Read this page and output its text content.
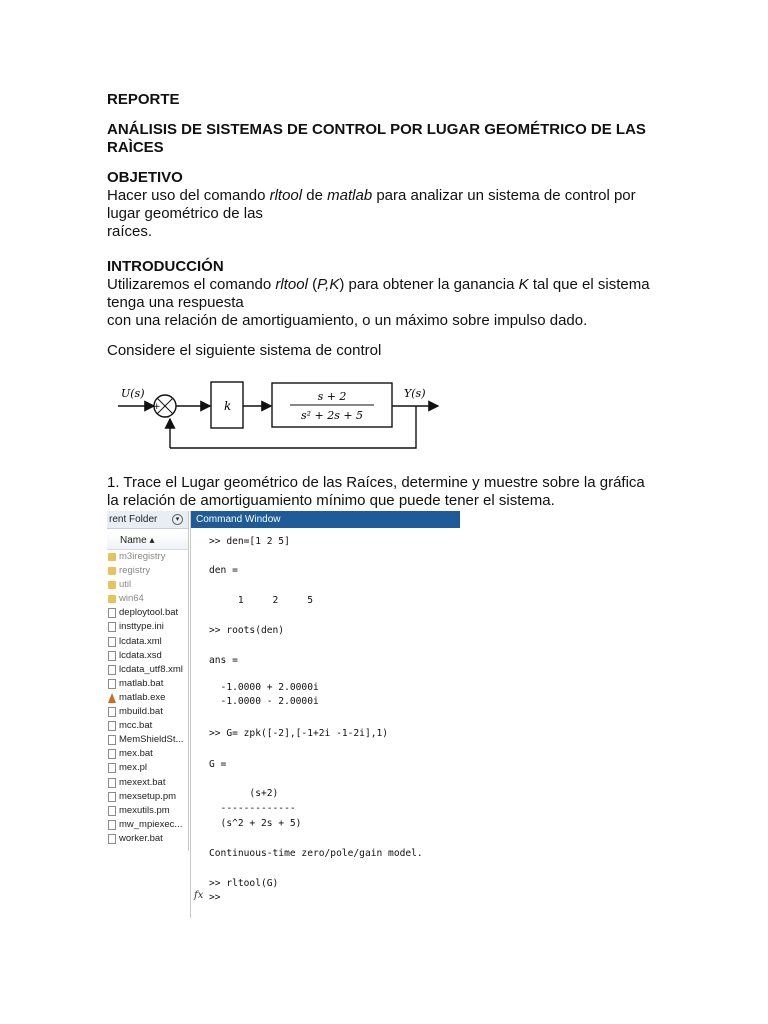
REPORTE
ANÁLISIS DE SISTEMAS DE CONTROL POR LUGAR GEOMÉTRICO DE LAS
RAÌCES
OBJETIVO
Hacer uso del comando rltool de matlab para analizar un sistema de control por
lugar geométrico de las
raíces.
INTRODUCCIÓN
Utilizaremos el comando rltool (P,K) para obtener la ganancia K tal que el sistema
tenga una respuesta
con una relación de amortiguamiento, o un máximo sobre impulso dado.
Considere el siguiente sistema de control
1. Trace el Lugar geométrico de las Raíces, determine y muestre sobre la gráfica
la relación de amortiguamiento mínimo que puede tener el sistema.
U(s)
+
−
k
s + 2
s² + 2s + 5
Y(s)
rent Folder	▾
Name ▴
m3iregistry
registry
util
win64
deploytool.bat
insttype.ini
lcdata.xml
lcdata.xsd
lcdata_utf8.xml
matlab.bat
matlab.exe
mbuild.bat
mcc.bat
MemShieldSt...
mex.bat
mex.pl
mexext.bat
mexsetup.pm
mexutils.pm
mw_mpiexec...
worker.bat
Command Window
>> den=[1 2 5]
den =
1     2     5
>> roots(den)
ans =
-1.0000 + 2.0000i
-1.0000 - 2.0000i
>> G= zpk([-2],[-1+2i -1-2i],1)
G =
(s+2)
-------------
(s^2 + 2s + 5)
Continuous-time zero/pole/gain model.
>> rltool(G)
>>
fx
